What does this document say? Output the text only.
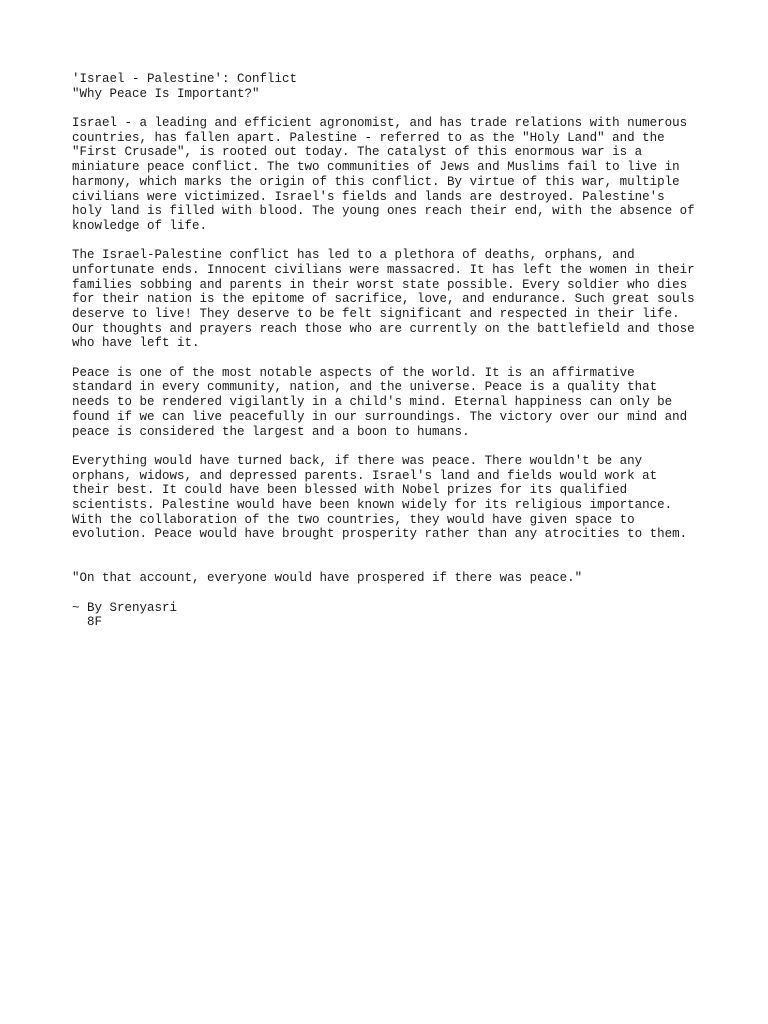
'Israel - Palestine': Conflict
"Why Peace Is Important?"
Israel - a leading and efficient agronomist, and has trade relations with numerous
countries, has fallen apart. Palestine - referred to as the "Holy Land" and the
"First Crusade", is rooted out today. The catalyst of this enormous war is a
miniature peace conflict. The two communities of Jews and Muslims fail to live in
harmony, which marks the origin of this conflict. By virtue of this war, multiple
civilians were victimized. Israel's fields and lands are destroyed. Palestine's
holy land is filled with blood. The young ones reach their end, with the absence of
knowledge of life.
The Israel-Palestine conflict has led to a plethora of deaths, orphans, and
unfortunate ends. Innocent civilians were massacred. It has left the women in their
families sobbing and parents in their worst state possible. Every soldier who dies
for their nation is the epitome of sacrifice, love, and endurance. Such great souls
deserve to live! They deserve to be felt significant and respected in their life.
Our thoughts and prayers reach those who are currently on the battlefield and those
who have left it.
Peace is one of the most notable aspects of the world. It is an affirmative
standard in every community, nation, and the universe. Peace is a quality that
needs to be rendered vigilantly in a child's mind. Eternal happiness can only be
found if we can live peacefully in our surroundings. The victory over our mind and
peace is considered the largest and a boon to humans.
Everything would have turned back, if there was peace. There wouldn't be any
orphans, widows, and depressed parents. Israel's land and fields would work at
their best. It could have been blessed with Nobel prizes for its qualified
scientists. Palestine would have been known widely for its religious importance.
With the collaboration of the two countries, they would have given space to
evolution. Peace would have brought prosperity rather than any atrocities to them.
"On that account, everyone would have prospered if there was peace."
~ By Srenyasri
8F
